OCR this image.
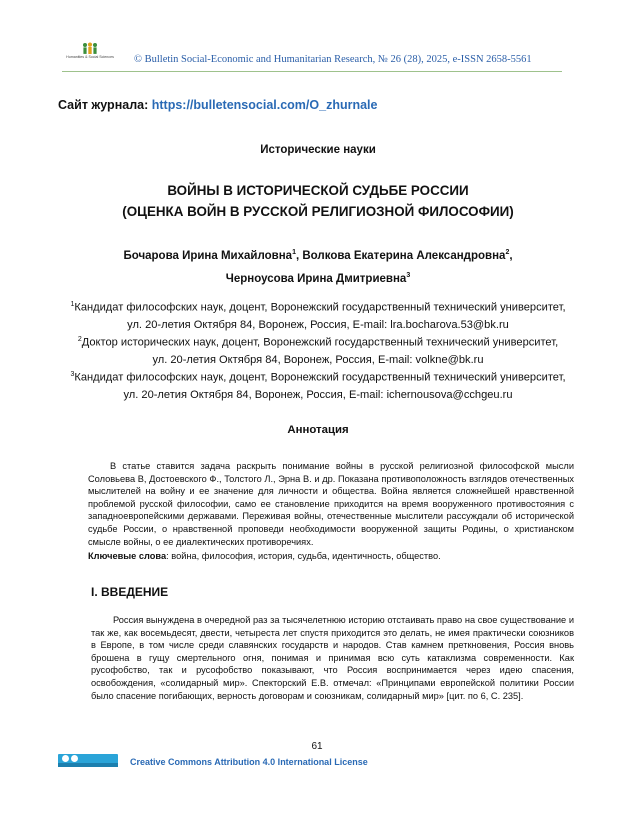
Humanities & Social Sciences © Bulletin Social-Economic and Humanitarian Research, № 26 (28), 2025, e-ISSN 2658-5561
Сайт журнала: https://bulletensocial.com/O_zhurnale
Исторические науки
ВОЙНЫ В ИСТОРИЧЕСКОЙ СУДЬБЕ РОССИИ
(ОЦЕНКА ВОЙН В РУССКОЙ РЕЛИГИОЗНОЙ ФИЛОСОФИИ)
Бочарова Ирина Михайловна$^1$, Волкова Екатерина Александровна$^2$,
Черноусова Ирина Дмитриевна$^3$
$^1$Кандидат философских наук, доцент, Воронежский государственный технический университет,
ул. 20-летия Октября 84, Воронеж, Россия, E-mail: lra.bocharova.53@bk.ru
$^2$Доктор исторических наук, доцент, Воронежский государственный технический университет,
ул. 20-летия Октября 84, Воронеж, Россия, E-mail: volkne@bk.ru
$^3$Кандидат философских наук, доцент, Воронежский государственный технический университет,
ул. 20-летия Октября 84, Воронеж, Россия, E-mail: ichernousova@cchgeu.ru
Аннотация
В статье ставится задача раскрыть понимание войны в русской религиозной философской мысли Соловьева В, Достоевского Ф., Толстого Л., Эрна В. и др. Показана противоположность взглядов отечественных мыслителей на войну и ее значение для личности и общества. Война является сложнейшей нравственной проблемой русской философии, само ее становление приходится на время вооруженного противостояния с западноевропейскими державами. Переживая войны, отечественные мыслители рассуждали об исторической судьбе России, о нравственной проповеди необходимости вооруженной защиты Родины, о христианском смысле войны, о ее диалектических противоречиях.
Ключевые слова: война, философия, история, судьба, идентичность, общество.
I. ВВЕДЕНИЕ
Россия вынуждена в очередной раз за тысячелетнюю историю отстаивать право на свое существование и так же, как восемьдесят, двести, четыреста лет спустя приходится это делать, не имея практически союзников в Европе, в том числе среди славянских государств и народов. Став камнем преткновения, Россия вновь брошена в гущу смертельного огня, понимая и принимая всю суть катаклизма современности. Как русофобство, так и русофобство показывают, что Россия воспринимается через идею спасения, освобождения, «солидарный мир». Спекторский Е.В. отмечал: «Принципами европейской политики России было спасение погибающих, верность договорам и союзникам, солидарный мир» [цит. по 6, С. 235].
61
Creative Commons Attribution 4.0 International License
